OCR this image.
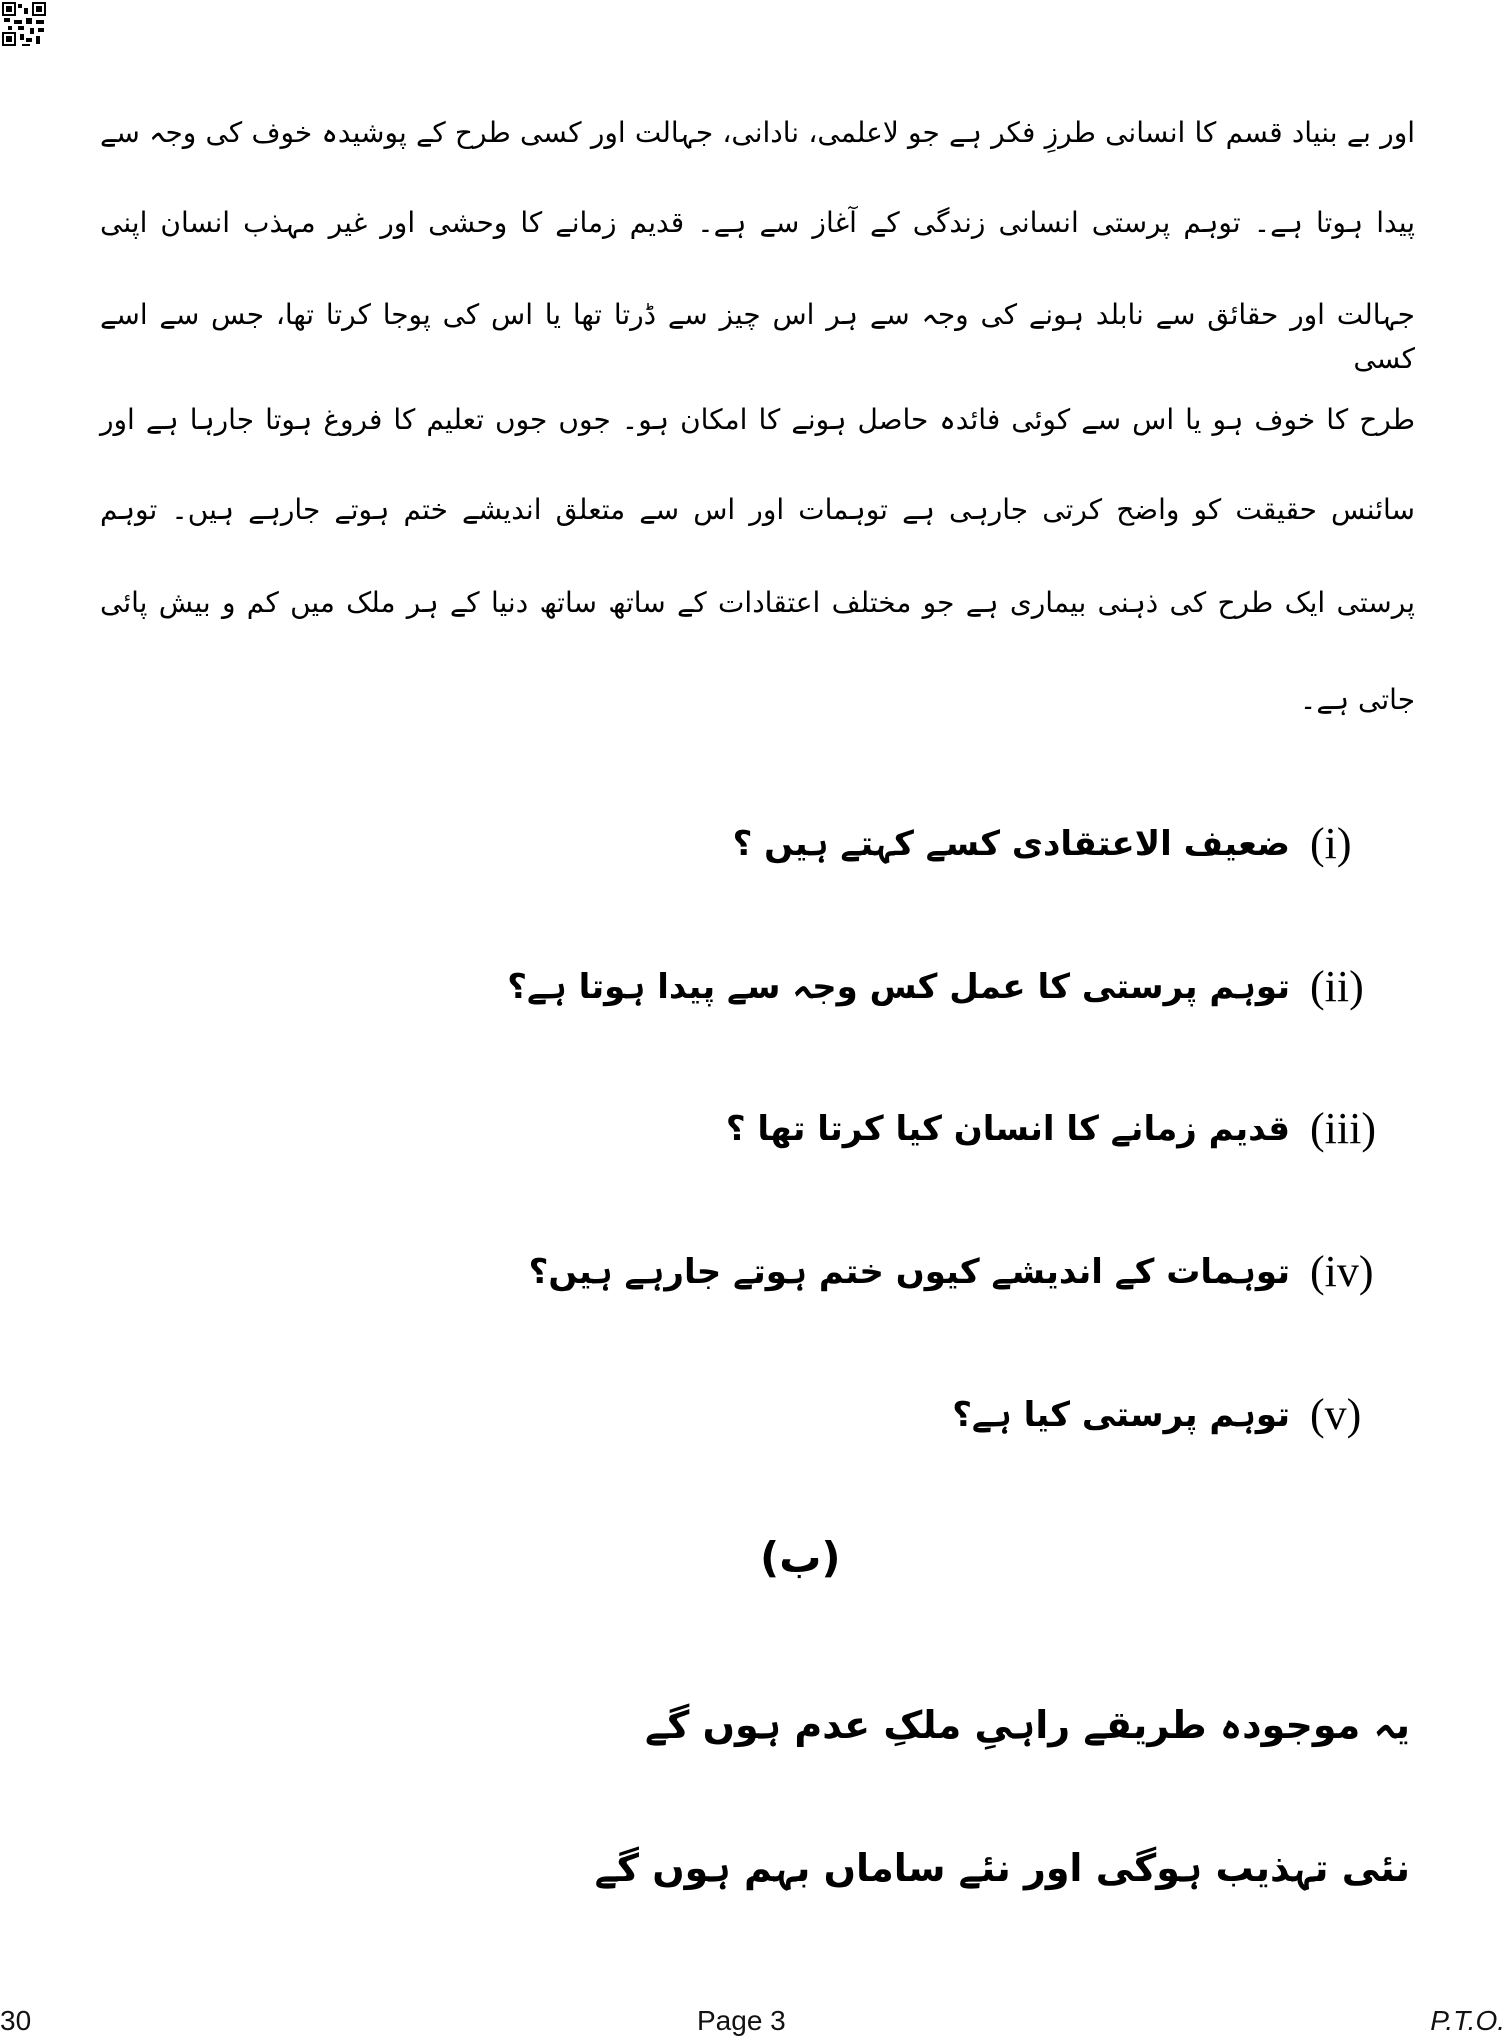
اور بے بنیاد قسم کا انسانی طرزِ فکر ہے جو لاعلمی، نادانی، جہالت اور کسی طرح کے پوشیدہ خوف کی وجہ سے
پیدا ہوتا ہے۔ توہم پرستی انسانی زندگی کے آغاز سے ہے۔ قدیم زمانے کا وحشی اور غیر مہذب انسان اپنی
جہالت اور حقائق سے نابلد ہونے کی وجہ سے ہر اس چیز سے ڈرتا تھا یا اس کی پوجا کرتا تھا، جس سے اسے کسی
طرح کا خوف ہو یا اس سے کوئی فائدہ حاصل ہونے کا امکان ہو۔ جوں جوں تعلیم کا فروغ ہوتا جارہا ہے اور
سائنس حقیقت کو واضح کرتی جارہی ہے توہمات اور اس سے متعلق اندیشے ختم ہوتے جارہے ہیں۔ توہم
پرستی ایک طرح کی ذہنی بیماری ہے جو مختلف اعتقادات کے ساتھ ساتھ دنیا کے ہر ملک میں کم و بیش پائی
جاتی ہے۔
(i)
ضعیف الاعتقادی کسے کہتے ہیں ؟
(ii)
توہم پرستی کا عمل کس وجہ سے پیدا ہوتا ہے؟
(iii)
قدیم زمانے کا انسان کیا کرتا تھا ؟
(iv)
توہمات کے اندیشے کیوں ختم ہوتے جارہے ہیں؟
(v)
توہم پرستی کیا ہے؟
(ب)
یہ موجودہ طریقے راہیِ ملکِ عدم ہوں گے
نئی تہذیب ہوگی اور نئے ساماں بہم ہوں گے
30	Page 3	P.T.O.
